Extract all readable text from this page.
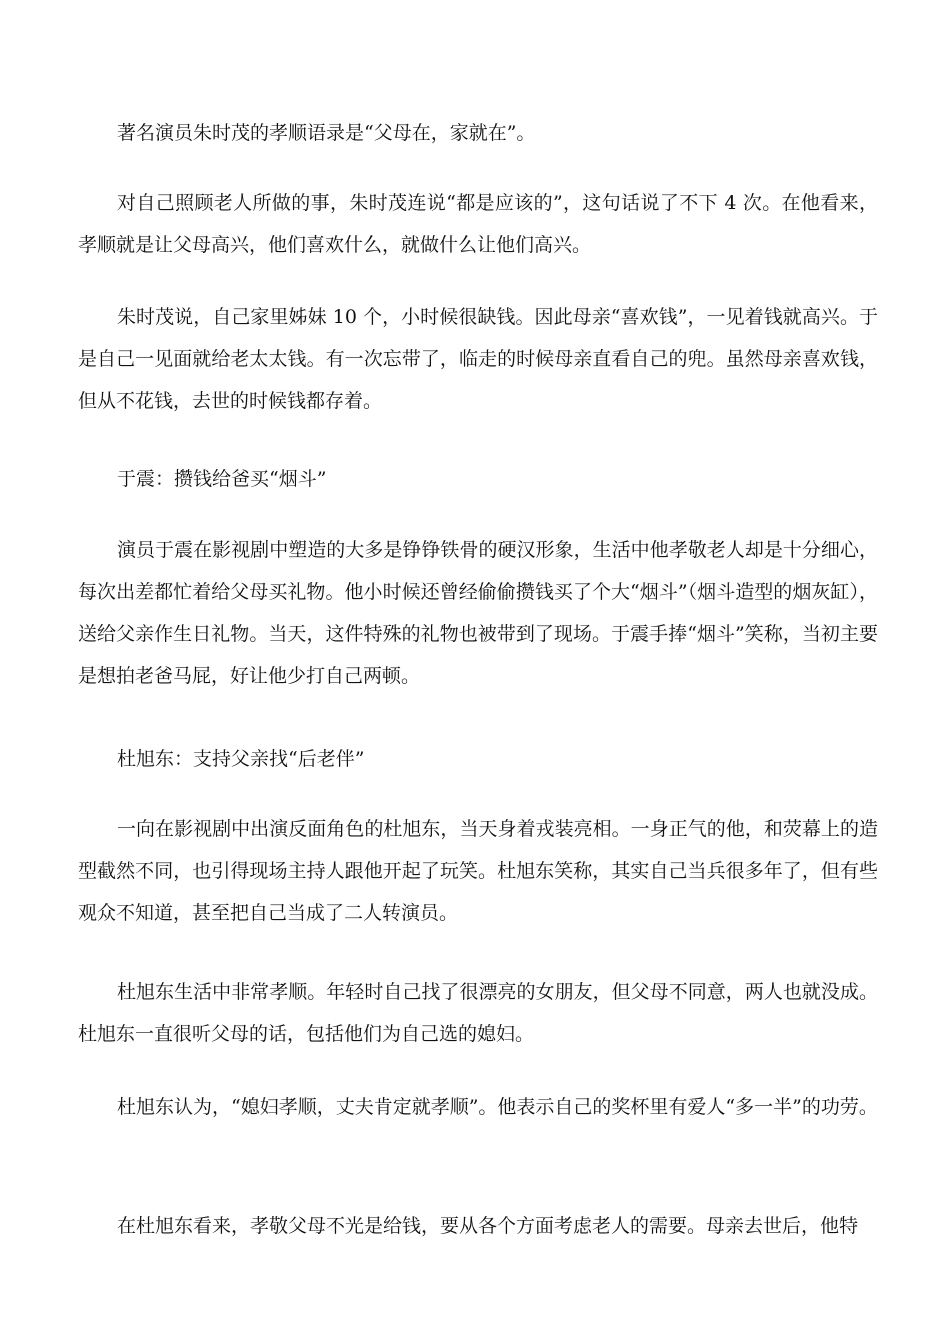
著名演员朱时茂的孝顺语录是“父母在，家就在”。

对自己照顾老人所做的事，朱时茂连说“都是应该的”，这句话说了不下 4 次。在他看来，孝顺就是让父母高兴，他们喜欢什么，就做什么让他们高兴。

朱时茂说，自己家里姊妹 10 个，小时候很缺钱。因此母亲“喜欢钱”，一见着钱就高兴。于是自己一见面就给老太太钱。有一次忘带了，临走的时候母亲直看自己的兜。虽然母亲喜欢钱，但从不花钱，去世的时候钱都存着。

于震：攒钱给爸买“烟斗”

演员于震在影视剧中塑造的大多是铮铮铁骨的硬汉形象，生活中他孝敬老人却是十分细心，每次出差都忙着给父母买礼物。他小时候还曾经偷偷攒钱买了个大“烟斗”（烟斗造型的烟灰缸），送给父亲作生日礼物。当天，这件特殊的礼物也被带到了现场。于震手捧“烟斗”笑称，当初主要是想拍老爸马屁，好让他少打自己两顿。

杜旭东：支持父亲找“后老伴”

一向在影视剧中出演反面角色的杜旭东，当天身着戎装亮相。一身正气的他，和荧幕上的造型截然不同，也引得现场主持人跟他开起了玩笑。杜旭东笑称，其实自己当兵很多年了，但有些观众不知道，甚至把自己当成了二人转演员。

杜旭东生活中非常孝顺。年轻时自己找了很漂亮的女朋友，但父母不同意，两人也就没成。杜旭东一直很听父母的话，包括他们为自己选的媳妇。

杜旭东认为，“媳妇孝顺，丈夫肯定就孝顺”。他表示自己的奖杯里有爱人“多一半”的功劳。

在杜旭东看来，孝敬父母不光是给钱，要从各个方面考虑老人的需要。母亲去世后，他特
